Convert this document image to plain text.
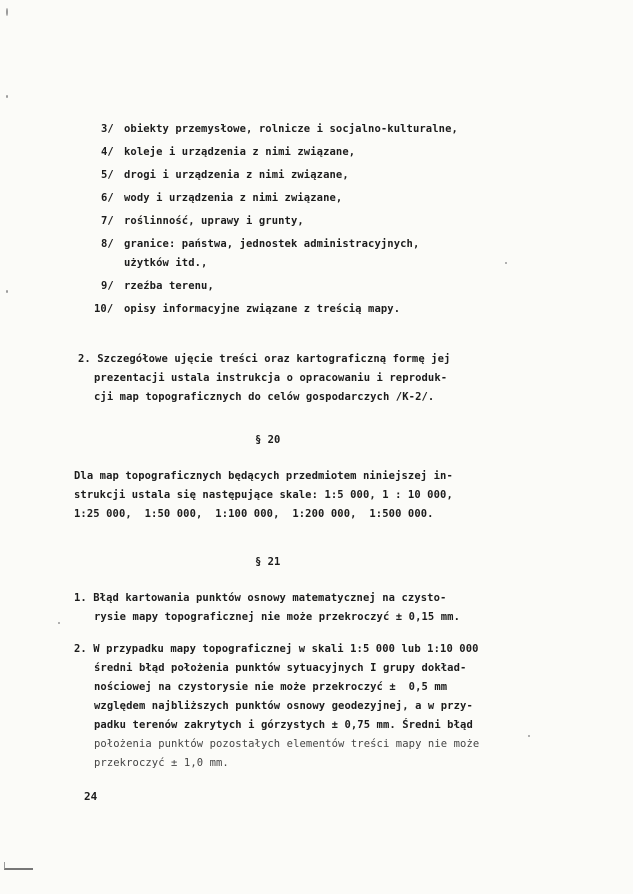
3/ obiekty przemysłowe, rolnicze i socjalno-kulturalne,
4/ koleje i urządzenia z nimi związane,
5/ drogi i urządzenia z nimi związane,
6/ wody i urządzenia z nimi związane,
7/ roślinność, uprawy i grunty,
8/ granice: państwa, jednostek administracyjnych,
użytków itd.,
9/ rzeźba terenu,
10/ opisy informacyjne związane z treścią mapy.
2. Szczegółowe ujęcie treści oraz kartograficzną formę jej
prezentacji ustala instrukcja o opracowaniu i reproduk-
cji map topograficznych do celów gospodarczych /K-2/.
§ 20
Dla map topograficznych będących przedmiotem niniejszej in-
strukcji ustala się następujące skale: 1:5 000, 1 : 10 000,
1:25 000,  1:50 000,  1:100 000,  1:200 000,  1:500 000.
§ 21
1. Błąd kartowania punktów osnowy matematycznej na czysto-
rysie mapy topograficznej nie może przekroczyć ± 0,15 mm.
2. W przypadku mapy topograficznej w skali 1:5 000 lub 1:10 000
średni błąd położenia punktów sytuacyjnych I grupy dokład-
nościowej na czystorysie nie może przekroczyć ±  0,5 mm
względem najbliższych punktów osnowy geodezyjnej, a w przy-
padku terenów zakrytych i górzystych ± 0,75 mm. Średni błąd
położenia punktów pozostałych elementów treści mapy nie może
przekroczyć ± 1,0 mm.
24
